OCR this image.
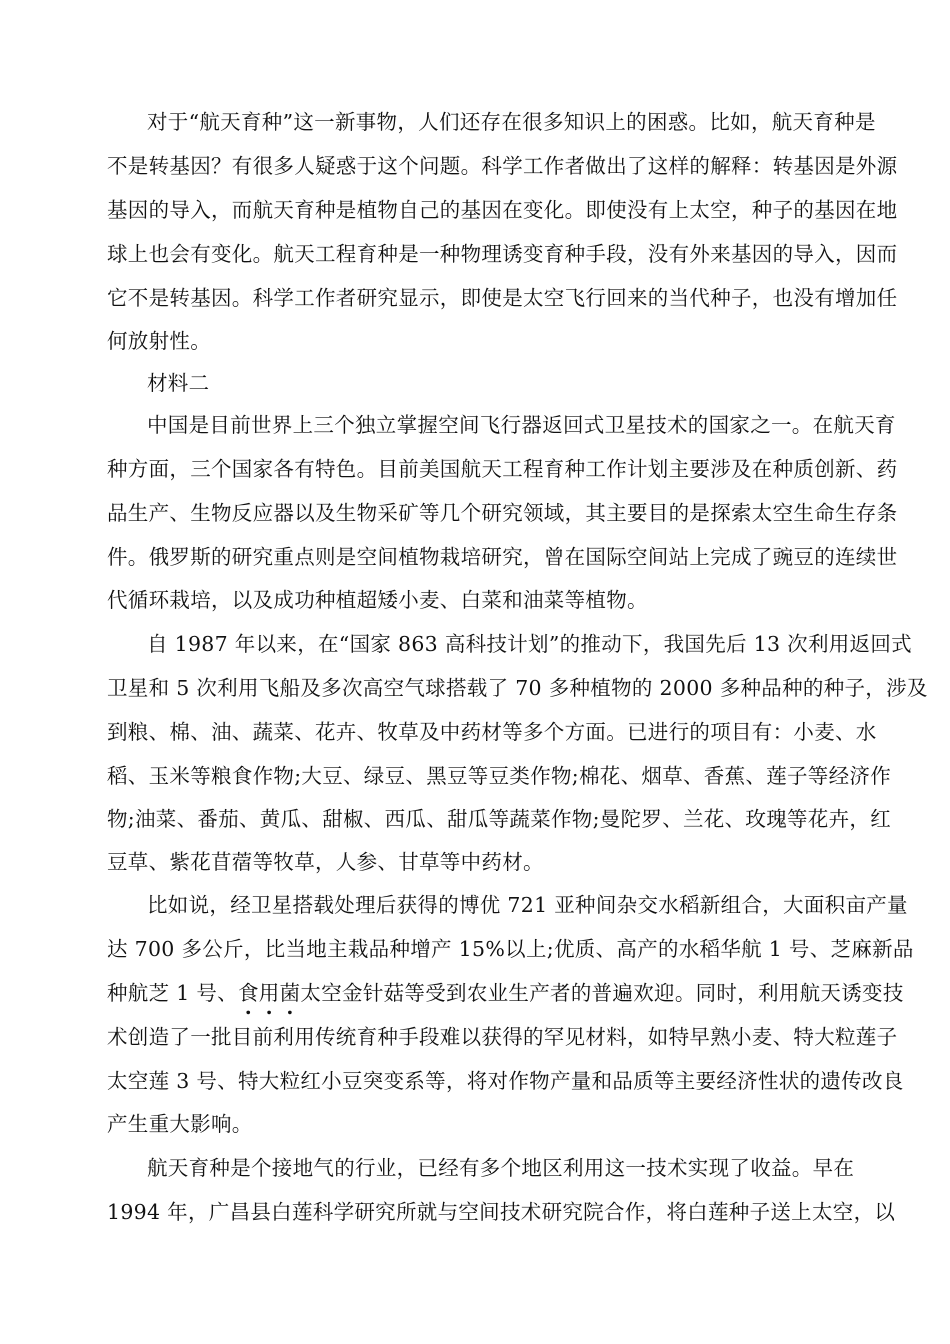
对于“航天育种”这一新事物，人们还存在很多知识上的困惑。比如，航天育种是
不是转基因？有很多人疑惑于这个问题。科学工作者做出了这样的解释：转基因是外源
基因的导入，而航天育种是植物自己的基因在变化。即使没有上太空，种子的基因在地
球上也会有变化。航天工程育种是一种物理诱变育种手段，没有外来基因的导入，因而
它不是转基因。科学工作者研究显示，即使是太空飞行回来的当代种子，也没有增加任
何放射性。
材料二
中国是目前世界上三个独立掌握空间飞行器返回式卫星技术的国家之一。在航天育
种方面，三个国家各有特色。目前美国航天工程育种工作计划主要涉及在种质创新、药
品生产、生物反应器以及生物采矿等几个研究领域，其主要目的是探索太空生命生存条
件。俄罗斯的研究重点则是空间植物栽培研究，曾在国际空间站上完成了豌豆的连续世
代循环栽培，以及成功种植超矮小麦、白菜和油菜等植物。
自 1987 年以来，在“国家 863 高科技计划”的推动下，我国先后 13 次利用返回式
卫星和 5 次利用飞船及多次高空气球搭载了 70 多种植物的 2000 多种品种的种子，涉及
到粮、棉、油、蔬菜、花卉、牧草及中药材等多个方面。已进行的项目有：小麦、水
稻、玉米等粮食作物;大豆、绿豆、黑豆等豆类作物;棉花、烟草、香蕉、莲子等经济作
物;油菜、番茄、黄瓜、甜椒、西瓜、甜瓜等蔬菜作物;曼陀罗、兰花、玫瑰等花卉，红
豆草、紫花苜蓿等牧草，人参、甘草等中药材。
比如说，经卫星搭载处理后获得的博优 721 亚种间杂交水稻新组合，大面积亩产量
达 700 多公斤，比当地主栽品种增产 15%以上;优质、高产的水稻华航 1 号、芝麻新品
种航芝 1 号、食用菌太空金针菇等受到农业生产者的普遍欢迎。同时，利用航天诱变技
术创造了一批目前利用传统育种手段难以获得的罕见材料，如特早熟小麦、特大粒莲子
太空莲 3 号、特大粒红小豆突变系等，将对作物产量和品质等主要经济性状的遗传改良
产生重大影响。
航天育种是个接地气的行业，已经有多个地区利用这一技术实现了收益。早在
1994 年，广昌县白莲科学研究所就与空间技术研究院合作，将白莲种子送上太空，以
